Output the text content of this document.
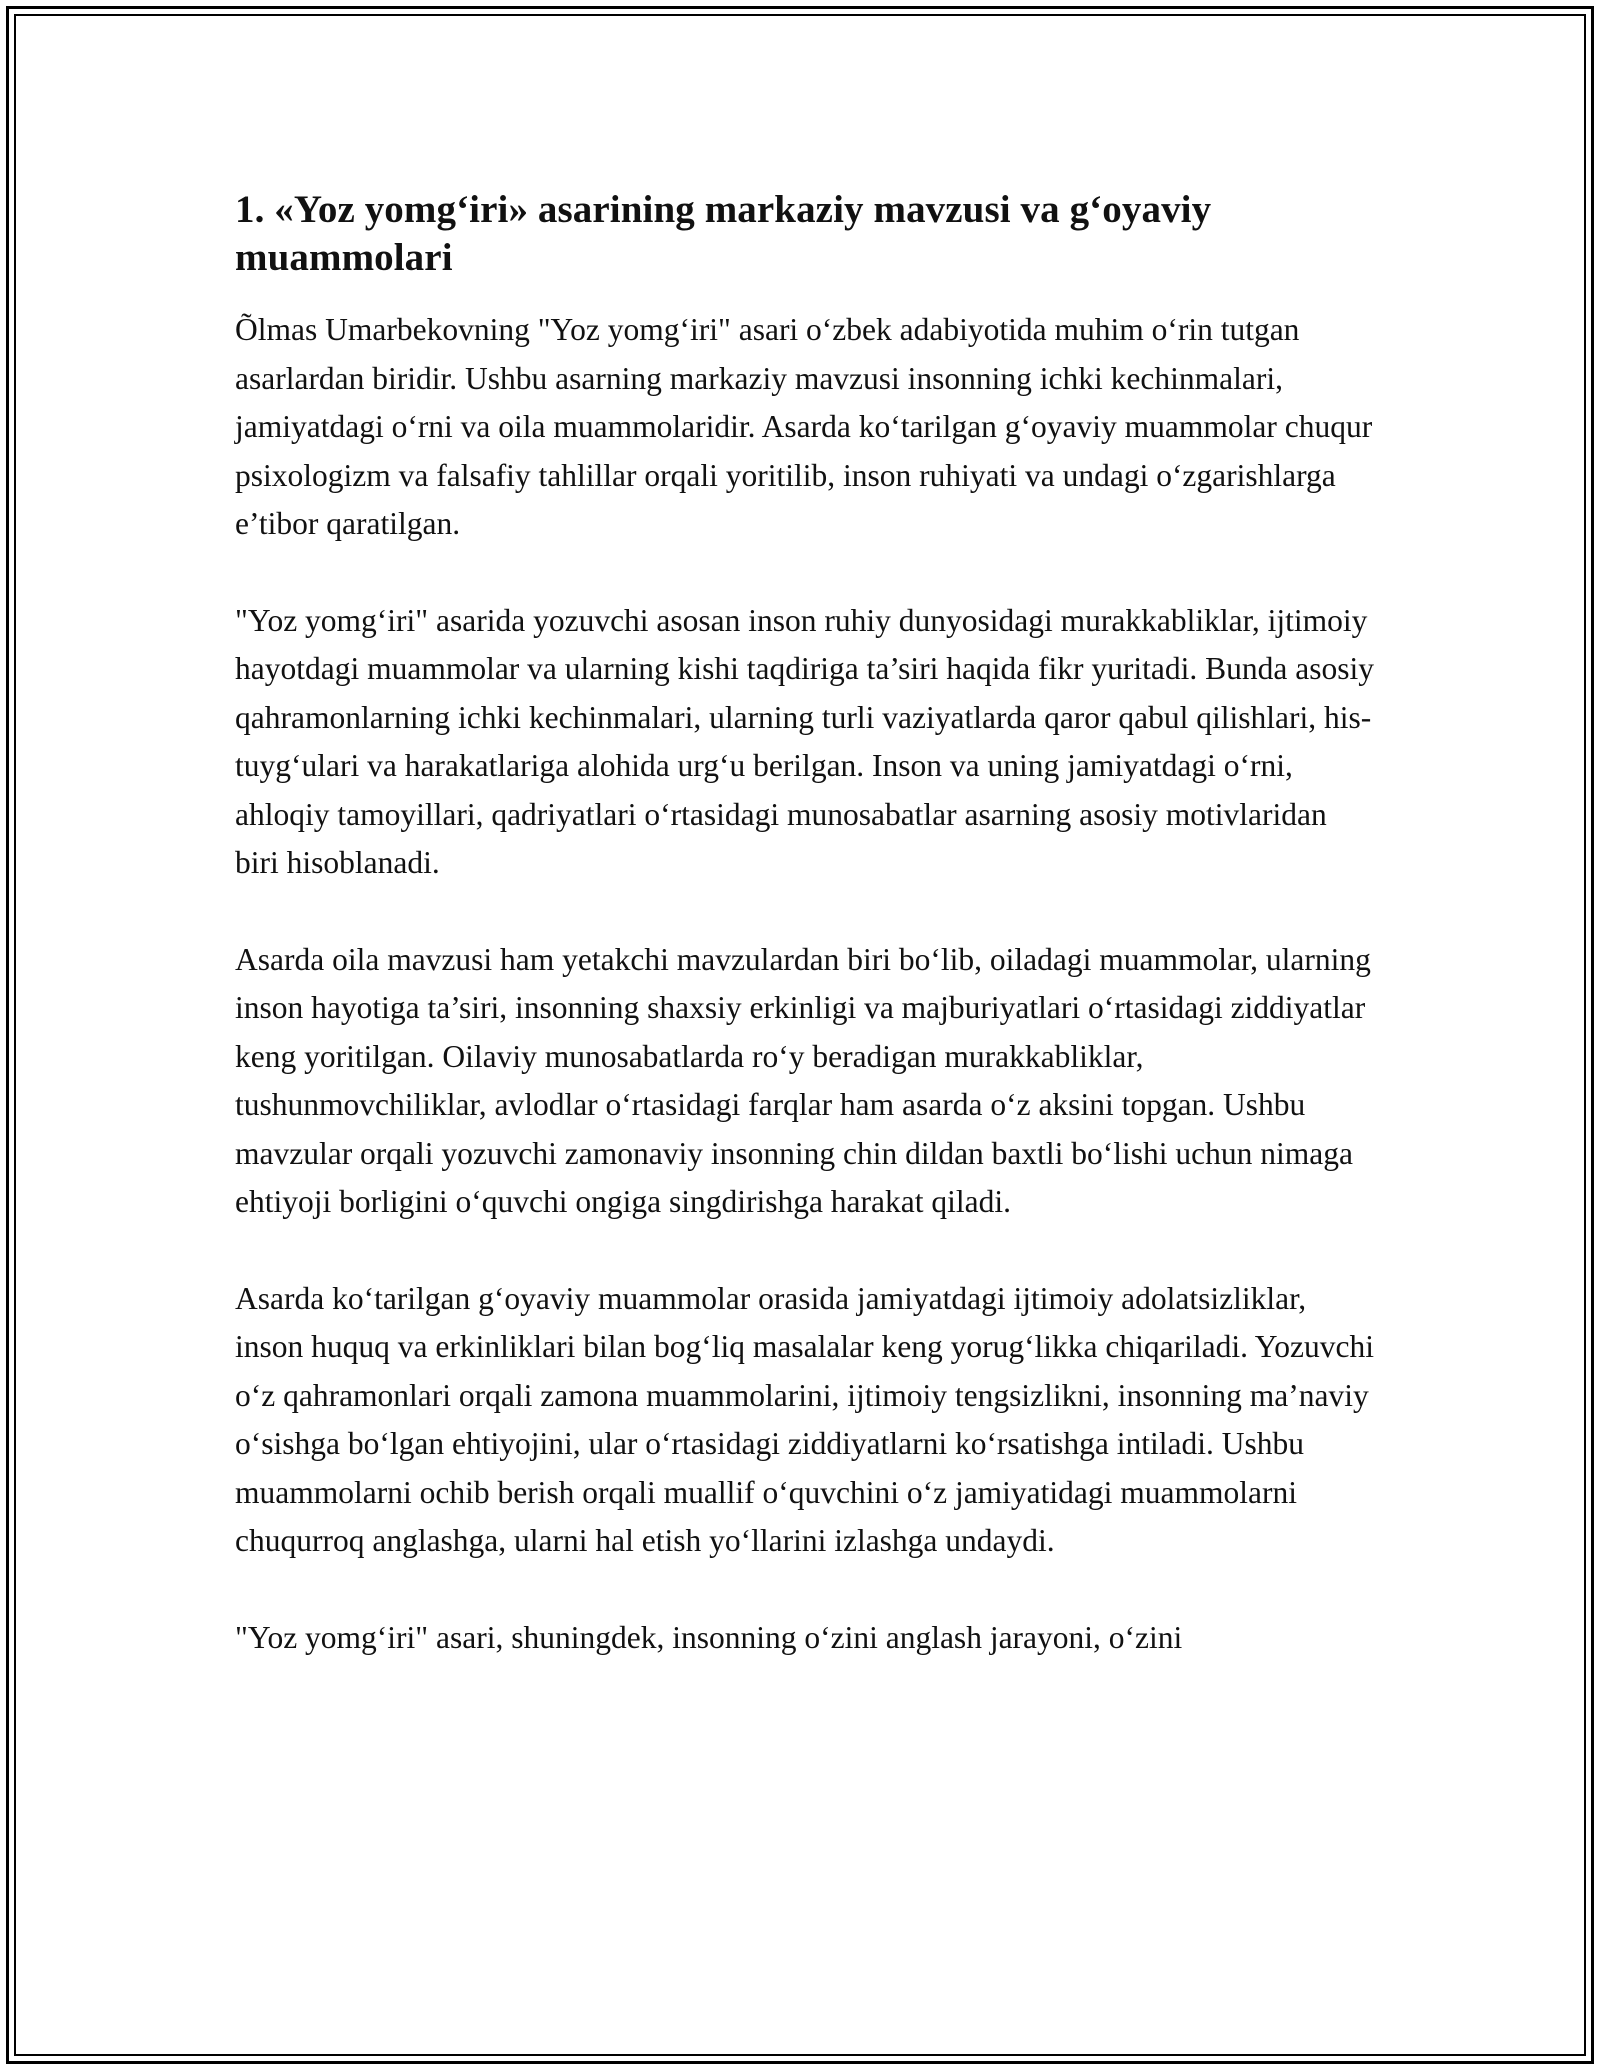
1. «Yoz yomg‘iri» asarining markaziy mavzusi va g‘oyaviy muammolari

Õlmas Umarbekovning "Yoz yomg‘iri" asari o‘zbek adabiyotida muhim o‘rin tutgan asarlardan biridir. Ushbu asarning markaziy mavzusi insonning ichki kechinmalari, jamiyatdagi o‘rni va oila muammolaridir. Asarda ko‘tarilgan g‘oyaviy muammolar chuqur psixologizm va falsafiy tahlillar orqali yoritilib, inson ruhiyati va undagi o‘zgarishlarga e’tibor qaratilgan.

"Yoz yomg‘iri" asarida yozuvchi asosan inson ruhiy dunyosidagi murakkabliklar, ijtimoiy hayotdagi muammolar va ularning kishi taqdiriga ta’siri haqida fikr yuritadi. Bunda asosiy qahramonlarning ichki kechinmalari, ularning turli vaziyatlarda qaror qabul qilishlari, his-tuyg‘ulari va harakatlariga alohida urg‘u berilgan. Inson va uning jamiyatdagi o‘rni, ahloqiy tamoyillari, qadriyatlari o‘rtasidagi munosabatlar asarning asosiy motivlaridan biri hisoblanadi.

Asarda oila mavzusi ham yetakchi mavzulardan biri bo‘lib, oiladagi muammolar, ularning inson hayotiga ta’siri, insonning shaxsiy erkinligi va majburiyatlari o‘rtasidagi ziddiyatlar keng yoritilgan. Oilaviy munosabatlarda ro‘y beradigan murakkabliklar, tushunmovchiliklar, avlodlar o‘rtasidagi farqlar ham asarda o‘z aksini topgan. Ushbu mavzular orqali yozuvchi zamonaviy insonning chin dildan baxtli bo‘lishi uchun nimaga ehtiyoji borligini o‘quvchi ongiga singdirishga harakat qiladi.

Asarda ko‘tarilgan g‘oyaviy muammolar orasida jamiyatdagi ijtimoiy adolatsizliklar, inson huquq va erkinliklari bilan bog‘liq masalalar keng yorug‘likka chiqariladi. Yozuvchi o‘z qahramonlari orqali zamona muammolarini, ijtimoiy tengsizlikni, insonning ma’naviy o‘sishga bo‘lgan ehtiyojini, ular o‘rtasidagi ziddiyatlarni ko‘rsatishga intiladi. Ushbu muammolarni ochib berish orqali muallif o‘quvchini o‘z jamiyatidagi muammolarni chuqurroq anglashga, ularni hal etish yo‘llarini izlashga undaydi.

"Yoz yomg‘iri" asari, shuningdek, insonning o‘zini anglash jarayoni, o‘zini
